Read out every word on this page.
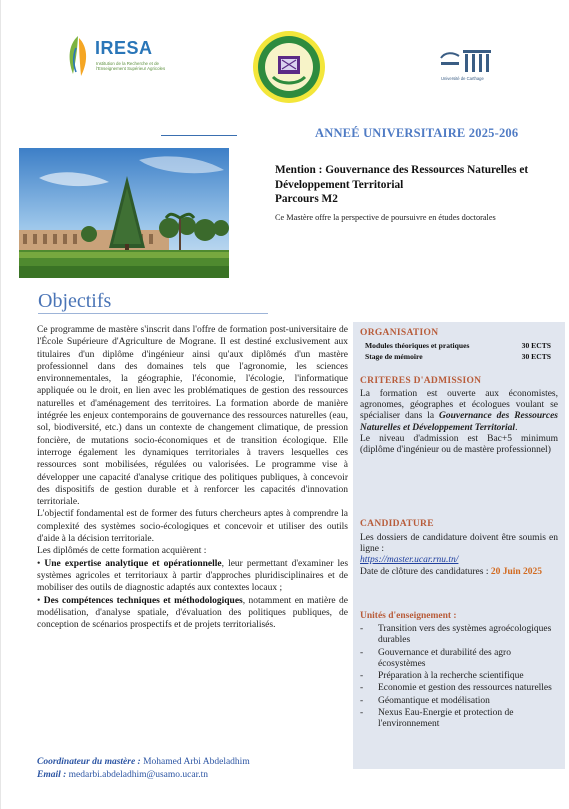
IRESA
Institution de la Recherche et de l'Enseignement Supérieur Agricoles
Université de Carthage
ANNEÉ UNIVERSITAIRE 2025-206
Mention : Gouvernance des Ressources Naturelles et Développement Territorial
Parcours M2
Ce Mastère offre la perspective de poursuivre en études doctorales
Objectifs

Ce programme de mastère s'inscrit dans l'offre de formation post-universitaire de l'École Supérieure d'Agriculture de Mograne. Il est destiné exclusivement aux titulaires d'un diplôme d'ingénieur ainsi qu'aux diplômés d'un mastère professionnel dans des domaines tels que l'agronomie, les sciences environnementales, la géographie, l'économie, l'écologie, l'informatique appliquée ou le droit, en lien avec les problématiques de gestion des ressources naturelles et d'aménagement des territoires. La formation aborde de manière intégrée les enjeux contemporains de gouvernance des ressources naturelles (eau, sol, biodiversité, etc.) dans un contexte de changement climatique, de pression foncière, de mutations socio-économiques et de transition écologique. Elle interroge également les dynamiques territoriales à travers lesquelles ces ressources sont mobilisées, régulées ou valorisées. Le programme vise à développer une capacité d'analyse critique des politiques publiques, à concevoir des dispositifs de gestion durable et à renforcer les capacités d'innovation territoriale.

L'objectif fondamental est de former des futurs chercheurs aptes à comprendre la complexité des systèmes socio-écologiques et concevoir et utiliser des outils d'aide à la décision territoriale.

Les diplômés de cette formation acquièrent :

• Une expertise analytique et opérationnelle, leur permettant d'examiner les systèmes agricoles et territoriaux à partir d'approches pluridisciplinaires et de mobiliser des outils de diagnostic adaptés aux contextes locaux ;

• Des compétences techniques et méthodologiques, notamment en matière de modélisation, d'analyse spatiale, d'évaluation des politiques publiques, de conception de scénarios prospectifs et de projets territorialisés.

Coordinateur du mastère : Mohamed Arbi Abdeladhim
Email : medarbi.abdeladhim@usamo.ucar.tn
ORGANISATION
Modules théoriques et pratiques	30 ECTS
Stage de mémoire	30 ECTS
CRITERES D'ADMISSION
La formation est ouverte aux économistes, agronomes, géographes et écologues voulant se spécialiser dans la Gouvernance des Ressources Naturelles et Développement Territorial.
Le niveau d'admission est Bac+5 minimum (diplôme d'ingénieur ou de mastère professionnel)
CANDIDATURE
Les dossiers de candidature doivent être soumis en ligne :
https://master.ucar.rnu.tn/
Date de clôture des candidatures : 20 Juin 2025
Unités d'enseignement :
- Transition vers des systèmes agroécologiques durables
- Gouvernance et durabilité des agro écosystèmes
- Préparation à la recherche scientifique
- Economie et gestion des ressources naturelles
- Géomantique et modélisation
- Nexus Eau-Energie et protection de l'environnement
